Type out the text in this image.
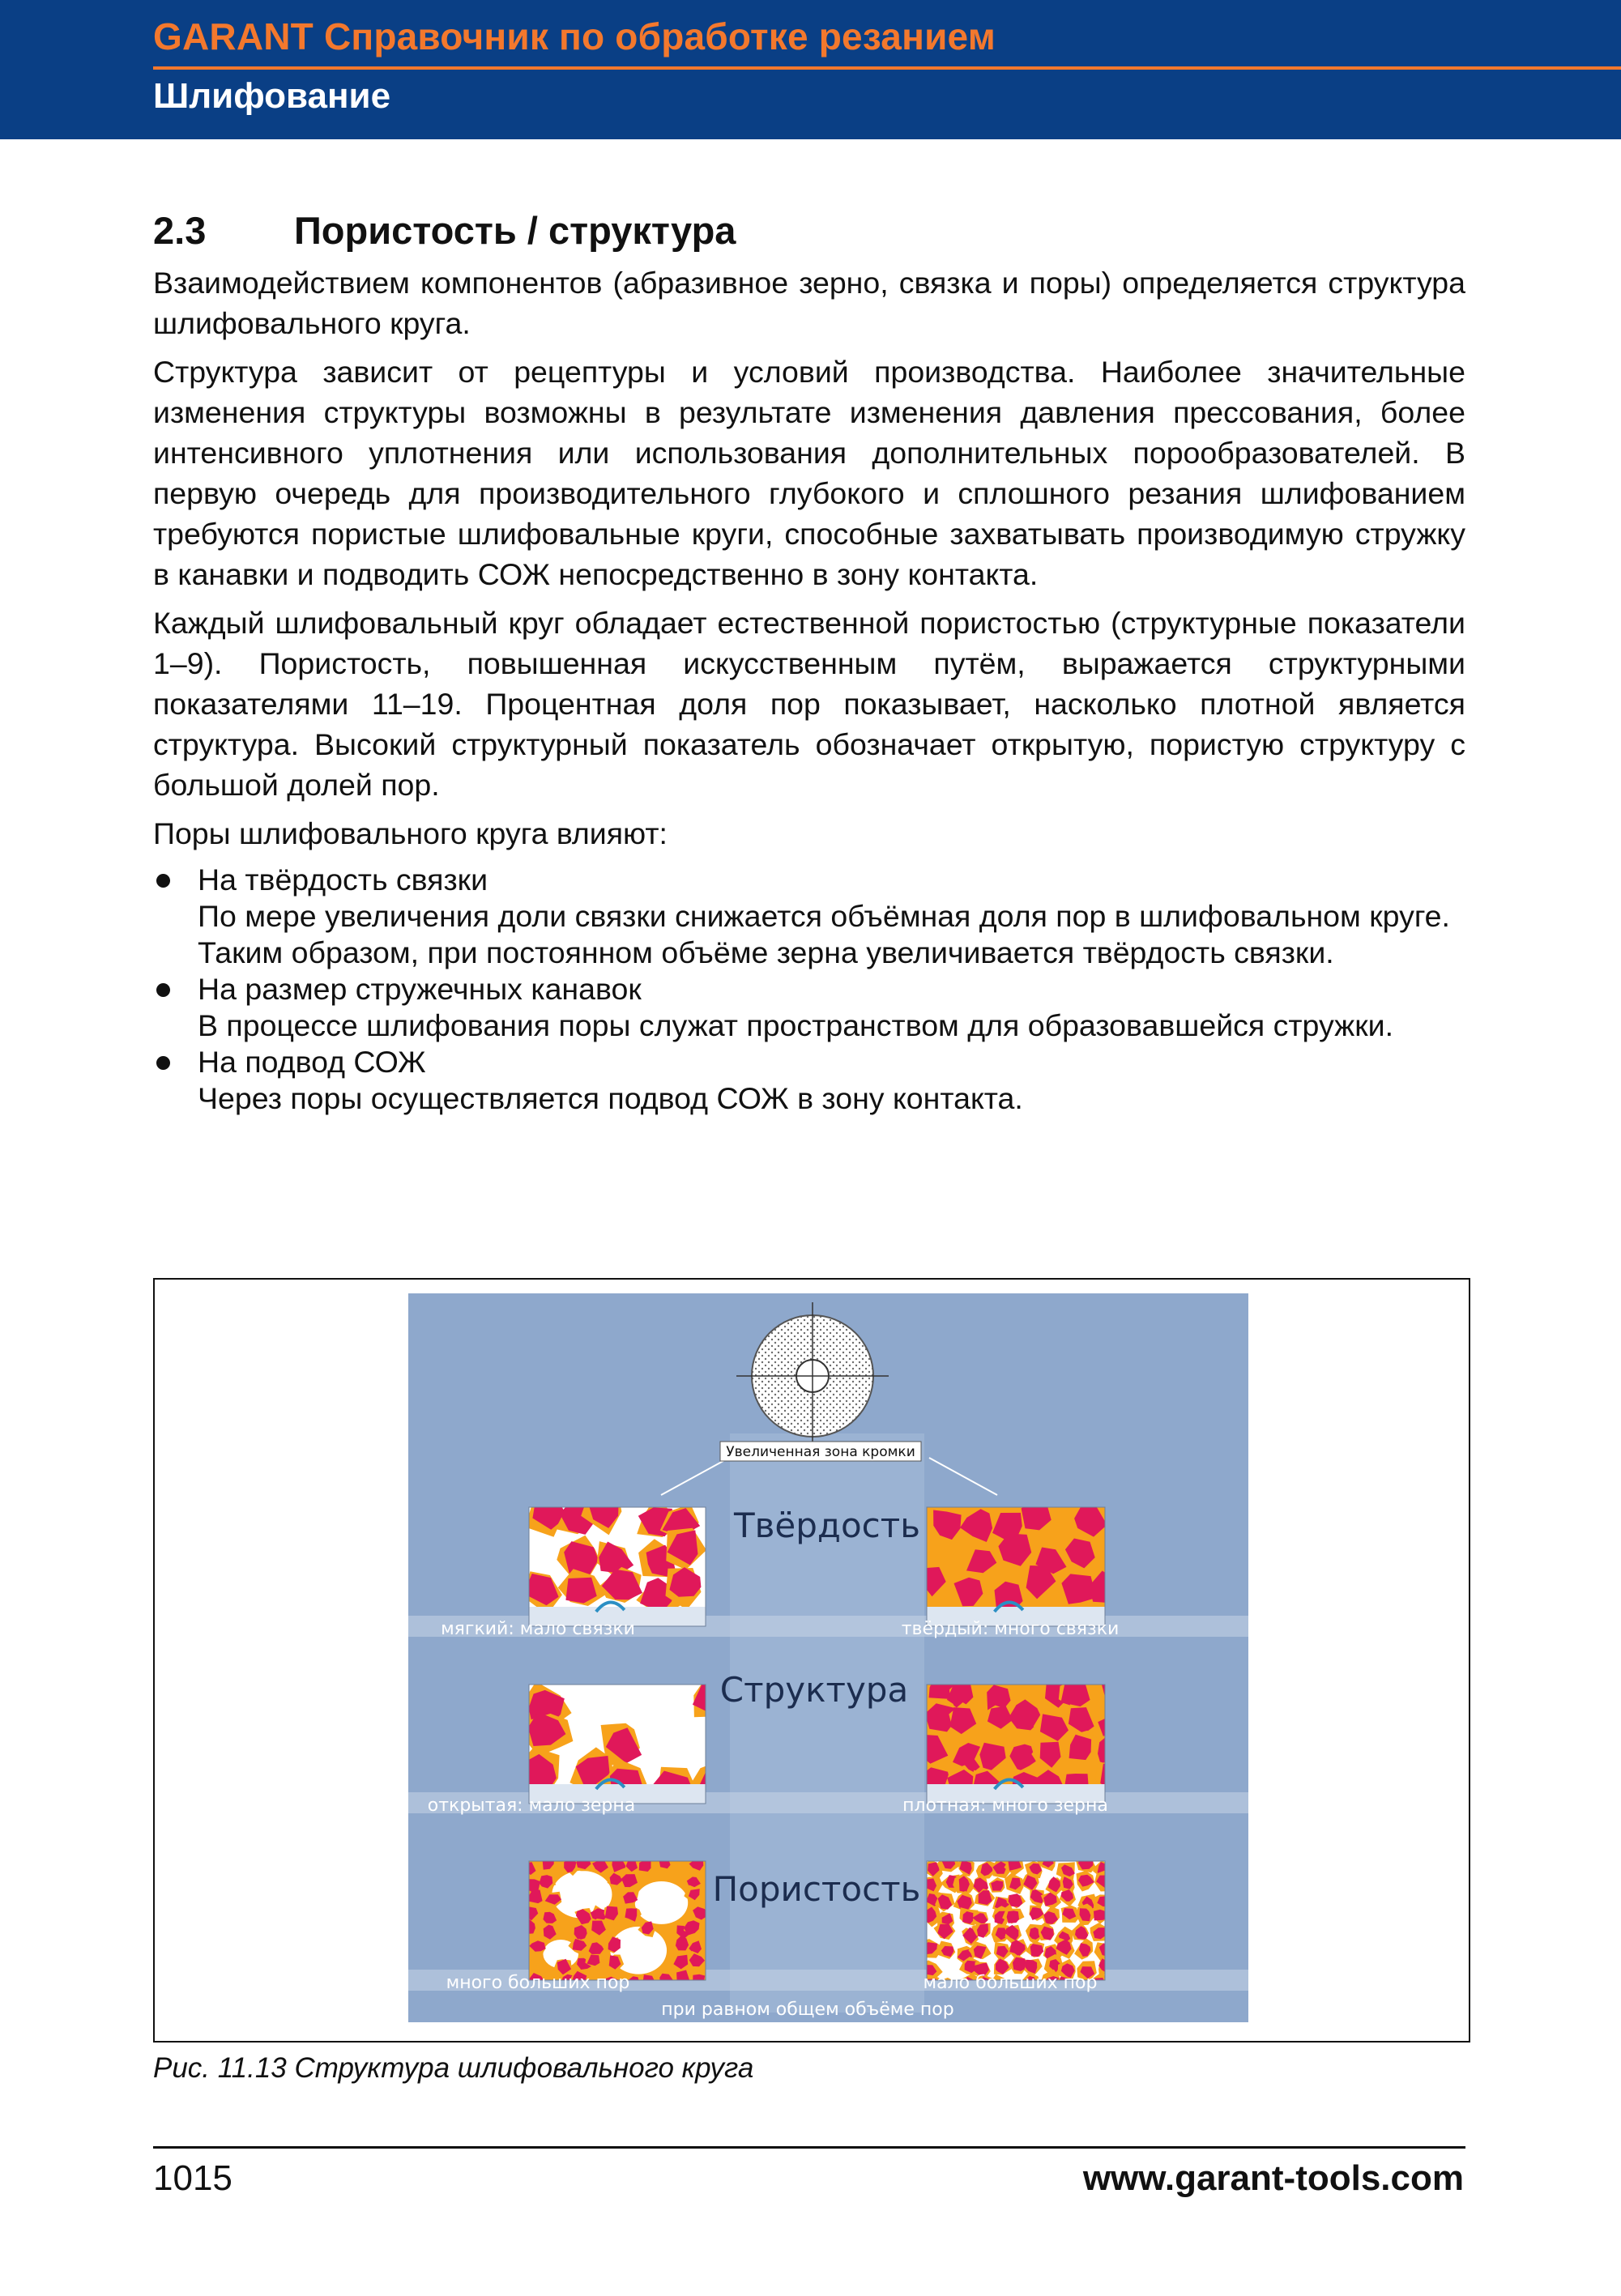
GARANT Справочник по обработке резанием
Шлифование
2.3 Пористость / структура

Взаимодействием компонентов (абразивное зерно, связка и поры) определяется структура шлифовального круга.

Структура зависит от рецептуры и условий производства. Наиболее значительные изменения структуры возможны в результате изменения давления прессования, более интенсивного уплотнения или использования дополнительных порообразователей. В первую очередь для производительного глубокого и сплошного резания шлифованием требуются пористые шлифовальные круги, способные захватывать производимую стружку в канавки и подводить СОЖ непосредственно в зону контакта.

Каждый шлифовальный круг обладает естественной пористостью (структурные показатели 1–9). Пористость, повышенная искусственным путём, выражается структурными показателями 11–19. Процентная доля пор показывает, насколько плотной является структура. Высокий структурный показатель обозначает открытую, пористую структуру с большой долей пор.

Поры шлифовального круга влияют:

На твёрдость связки
По мере увеличения доли связки снижается объёмная доля пор в шлифовальном круге. Таким образом, при постоянном объёме зерна увеличивается твёрдость связки.
На размер стружечных канавок
В процессе шлифования поры служат пространством для образовавшейся стружки.
На подвод СОЖ
Через поры осуществляется подвод СОЖ в зону контакта.
Увеличенная зона кромки
Твёрдость
Структура
Пористость
мягкий: мало связки	твёрдый: много связки
открытая: мало зерна	плотная: много зерна
много больших пор	мало больших пор
при равном общем объёме пор
Рис. 11.13 Структура шлифовального круга
1015	www.garant-tools.com
